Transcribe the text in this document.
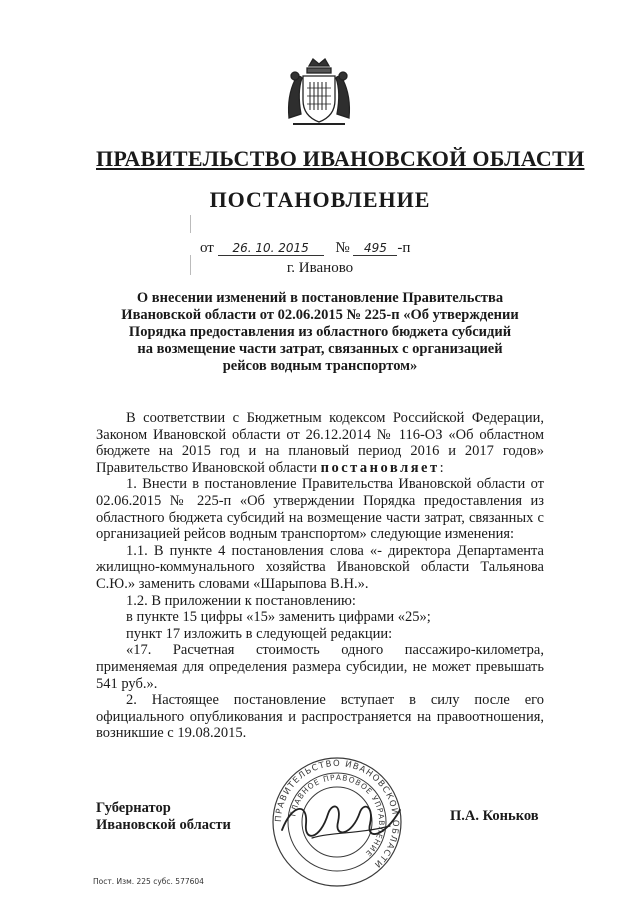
ПРАВИТЕЛЬСТВО ИВАНОВСКОЙ ОБЛАСТИ
ПОСТАНОВЛЕНИЕ
от 26. 10. 2015 № 495 -п
г. Иваново
О внесении изменений в постановление Правительства Ивановской области от 02.06.2015 № 225-п «Об утверждении Порядка предоставления из областного бюджета субсидий на возмещение части затрат, связанных с организацией рейсов водным транспортом»

В соответствии с Бюджетным кодексом Российской Федерации, Законом Ивановской области от 26.12.2014 № 116-ОЗ «Об областном бюджете на 2015 год и на плановый период 2016 и 2017 годов» Правительство Ивановской области постановляет:

1. Внести в постановление Правительства Ивановской области от 02.06.2015 № 225-п «Об утверждении Порядка предоставления из областного бюджета субсидий на возмещение части затрат, связанных с организацией рейсов водным транспортом» следующие изменения:

1.1. В пункте 4 постановления слова «- директора Департамента жилищно-коммунального хозяйства Ивановской области Тальянова С.Ю.» заменить словами «Шарыпова В.Н.».

1.2. В приложении к постановлению:

в пункте 15 цифры «15» заменить цифрами «25»;

пункт 17 изложить в следующей редакции:

«17. Расчетная стоимость одного пассажиро-километра, применяемая для определения размера субсидии, не может превышать 541 руб.».

2. Настоящее постановление вступает в силу после его официального опубликования и распространяется на правоотношения, возникшие с 19.08.2015.

Губернатор
Ивановской области	ПРАВИТЕЛЬСТВО ИВАНОВСКОЙ ОБЛАСТИ
ГЛАВНОЕ ПРАВОВОЕ УПРАВЛЕНИЕ
П.А. Коньков
Пост. Изм. 225 субс. 577604
